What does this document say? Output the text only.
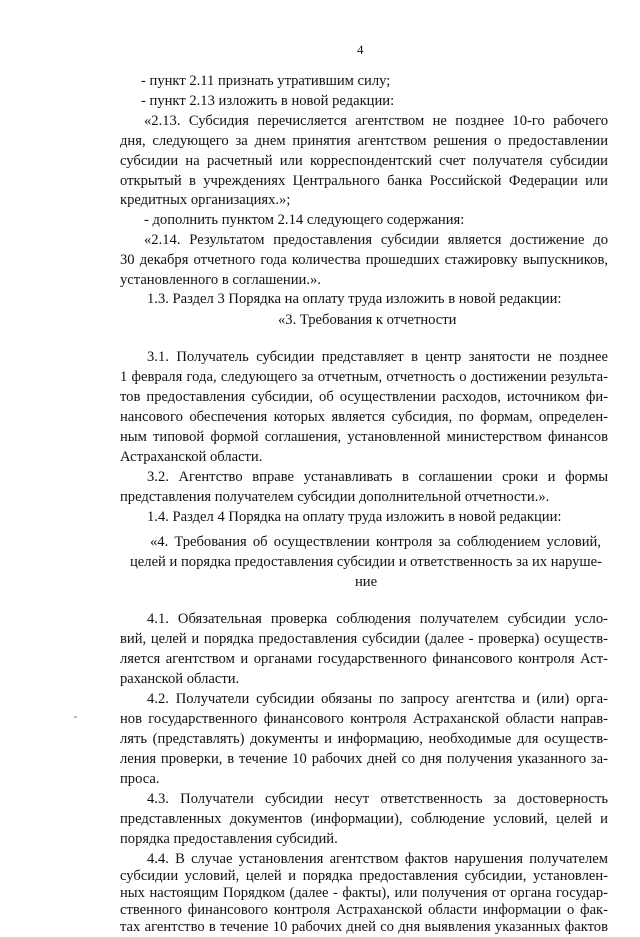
4
- пункт 2.11 признать утратившим силу;
- пункт 2.13 изложить в новой редакции:
«2.13. Субсидия перечисляется агентством не позднее 10-го рабочего
дня, следующего за днем принятия агентством решения о предоставлении
субсидии на расчетный или корреспондентский счет получателя субсидии
открытый в учреждениях Центрального банка Российской Федерации или
кредитных организациях.»;
- дополнить пунктом 2.14 следующего содержания:
«2.14. Результатом предоставления субсидии является достижение до
30 декабря отчетного года количества прошедших стажировку выпускников,
установленного в соглашении.».
1.3. Раздел 3 Порядка на оплату труда изложить в новой редакции:
«3. Требования к отчетности
3.1. Получатель субсидии представляет в центр занятости не позднее
1 февраля года, следующего за отчетным, отчетность о достижении результа-
тов предоставления субсидии, об осуществлении расходов, источником фи-
нансового обеспечения которых является субсидия, по формам, определен-
ным типовой формой соглашения, установленной министерством финансов
Астраханской области.
3.2. Агентство вправе устанавливать в соглашении сроки и формы
представления получателем субсидии дополнительной отчетности.».
1.4. Раздел 4 Порядка на оплату труда изложить в новой редакции:
«4. Требования об осуществлении контроля за соблюдением условий,
целей и порядка предоставления субсидии и ответственность за их наруше-
ние
4.1. Обязательная проверка соблюдения получателем субсидии усло-
вий, целей и порядка предоставления субсидии (далее - проверка) осуществ-
ляется агентством и органами государственного финансового контроля Аст-
раханской области.
4.2. Получатели субсидии обязаны по запросу агентства и (или) орга-
нов государственного финансового контроля Астраханской области направ-
лять (представлять) документы и информацию, необходимые для осуществ-
ления проверки, в течение 10 рабочих дней со дня получения указанного за-
проса.
4.3. Получатели субсидии несут ответственность за достоверность
представленных документов (информации), соблюдение условий, целей и
порядка предоставления субсидий.
4.4. В случае установления агентством фактов нарушения получателем
субсидии условий, целей и порядка предоставления субсидии, установлен-
ных настоящим Порядком (далее - факты), или получения от органа государ-
ственного финансового контроля Астраханской области информации о фак-
тах агентство в течение 10 рабочих дней со дня выявления указанных фактов
